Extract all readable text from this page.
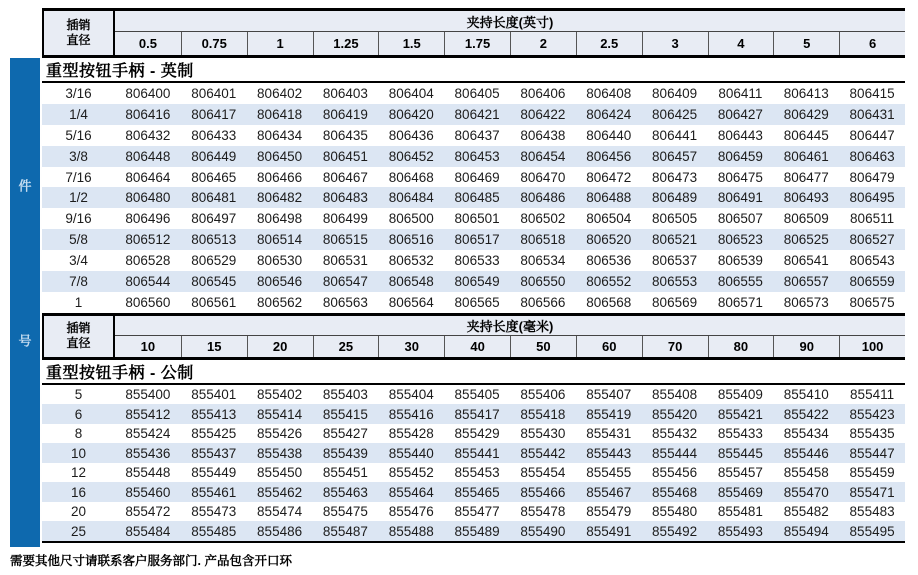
件
号
插销
直径
夹持长度(英寸)
0.5	0.75	1	1.25	1.5	1.75	2	2.5	3	4	5	6
重型按钮手柄 - 英制
3/16	806400	806401	806402	806403	806404	806405	806406	806408	806409	806411	806413	806415
1/4	806416	806417	806418	806419	806420	806421	806422	806424	806425	806427	806429	806431
5/16	806432	806433	806434	806435	806436	806437	806438	806440	806441	806443	806445	806447
3/8	806448	806449	806450	806451	806452	806453	806454	806456	806457	806459	806461	806463
7/16	806464	806465	806466	806467	806468	806469	806470	806472	806473	806475	806477	806479
1/2	806480	806481	806482	806483	806484	806485	806486	806488	806489	806491	806493	806495
9/16	806496	806497	806498	806499	806500	806501	806502	806504	806505	806507	806509	806511
5/8	806512	806513	806514	806515	806516	806517	806518	806520	806521	806523	806525	806527
3/4	806528	806529	806530	806531	806532	806533	806534	806536	806537	806539	806541	806543
7/8	806544	806545	806546	806547	806548	806549	806550	806552	806553	806555	806557	806559
1	806560	806561	806562	806563	806564	806565	806566	806568	806569	806571	806573	806575
插销
直径
夹持长度(毫米)
10	15	20	25	30	40	50	60	70	80	90	100
重型按钮手柄 - 公制
5	855400	855401	855402	855403	855404	855405	855406	855407	855408	855409	855410	855411
6	855412	855413	855414	855415	855416	855417	855418	855419	855420	855421	855422	855423
8	855424	855425	855426	855427	855428	855429	855430	855431	855432	855433	855434	855435
10	855436	855437	855438	855439	855440	855441	855442	855443	855444	855445	855446	855447
12	855448	855449	855450	855451	855452	855453	855454	855455	855456	855457	855458	855459
16	855460	855461	855462	855463	855464	855465	855466	855467	855468	855469	855470	855471
20	855472	855473	855474	855475	855476	855477	855478	855479	855480	855481	855482	855483
25	855484	855485	855486	855487	855488	855489	855490	855491	855492	855493	855494	855495
需要其他尺寸请联系客户服务部门. 产品包含开口环
